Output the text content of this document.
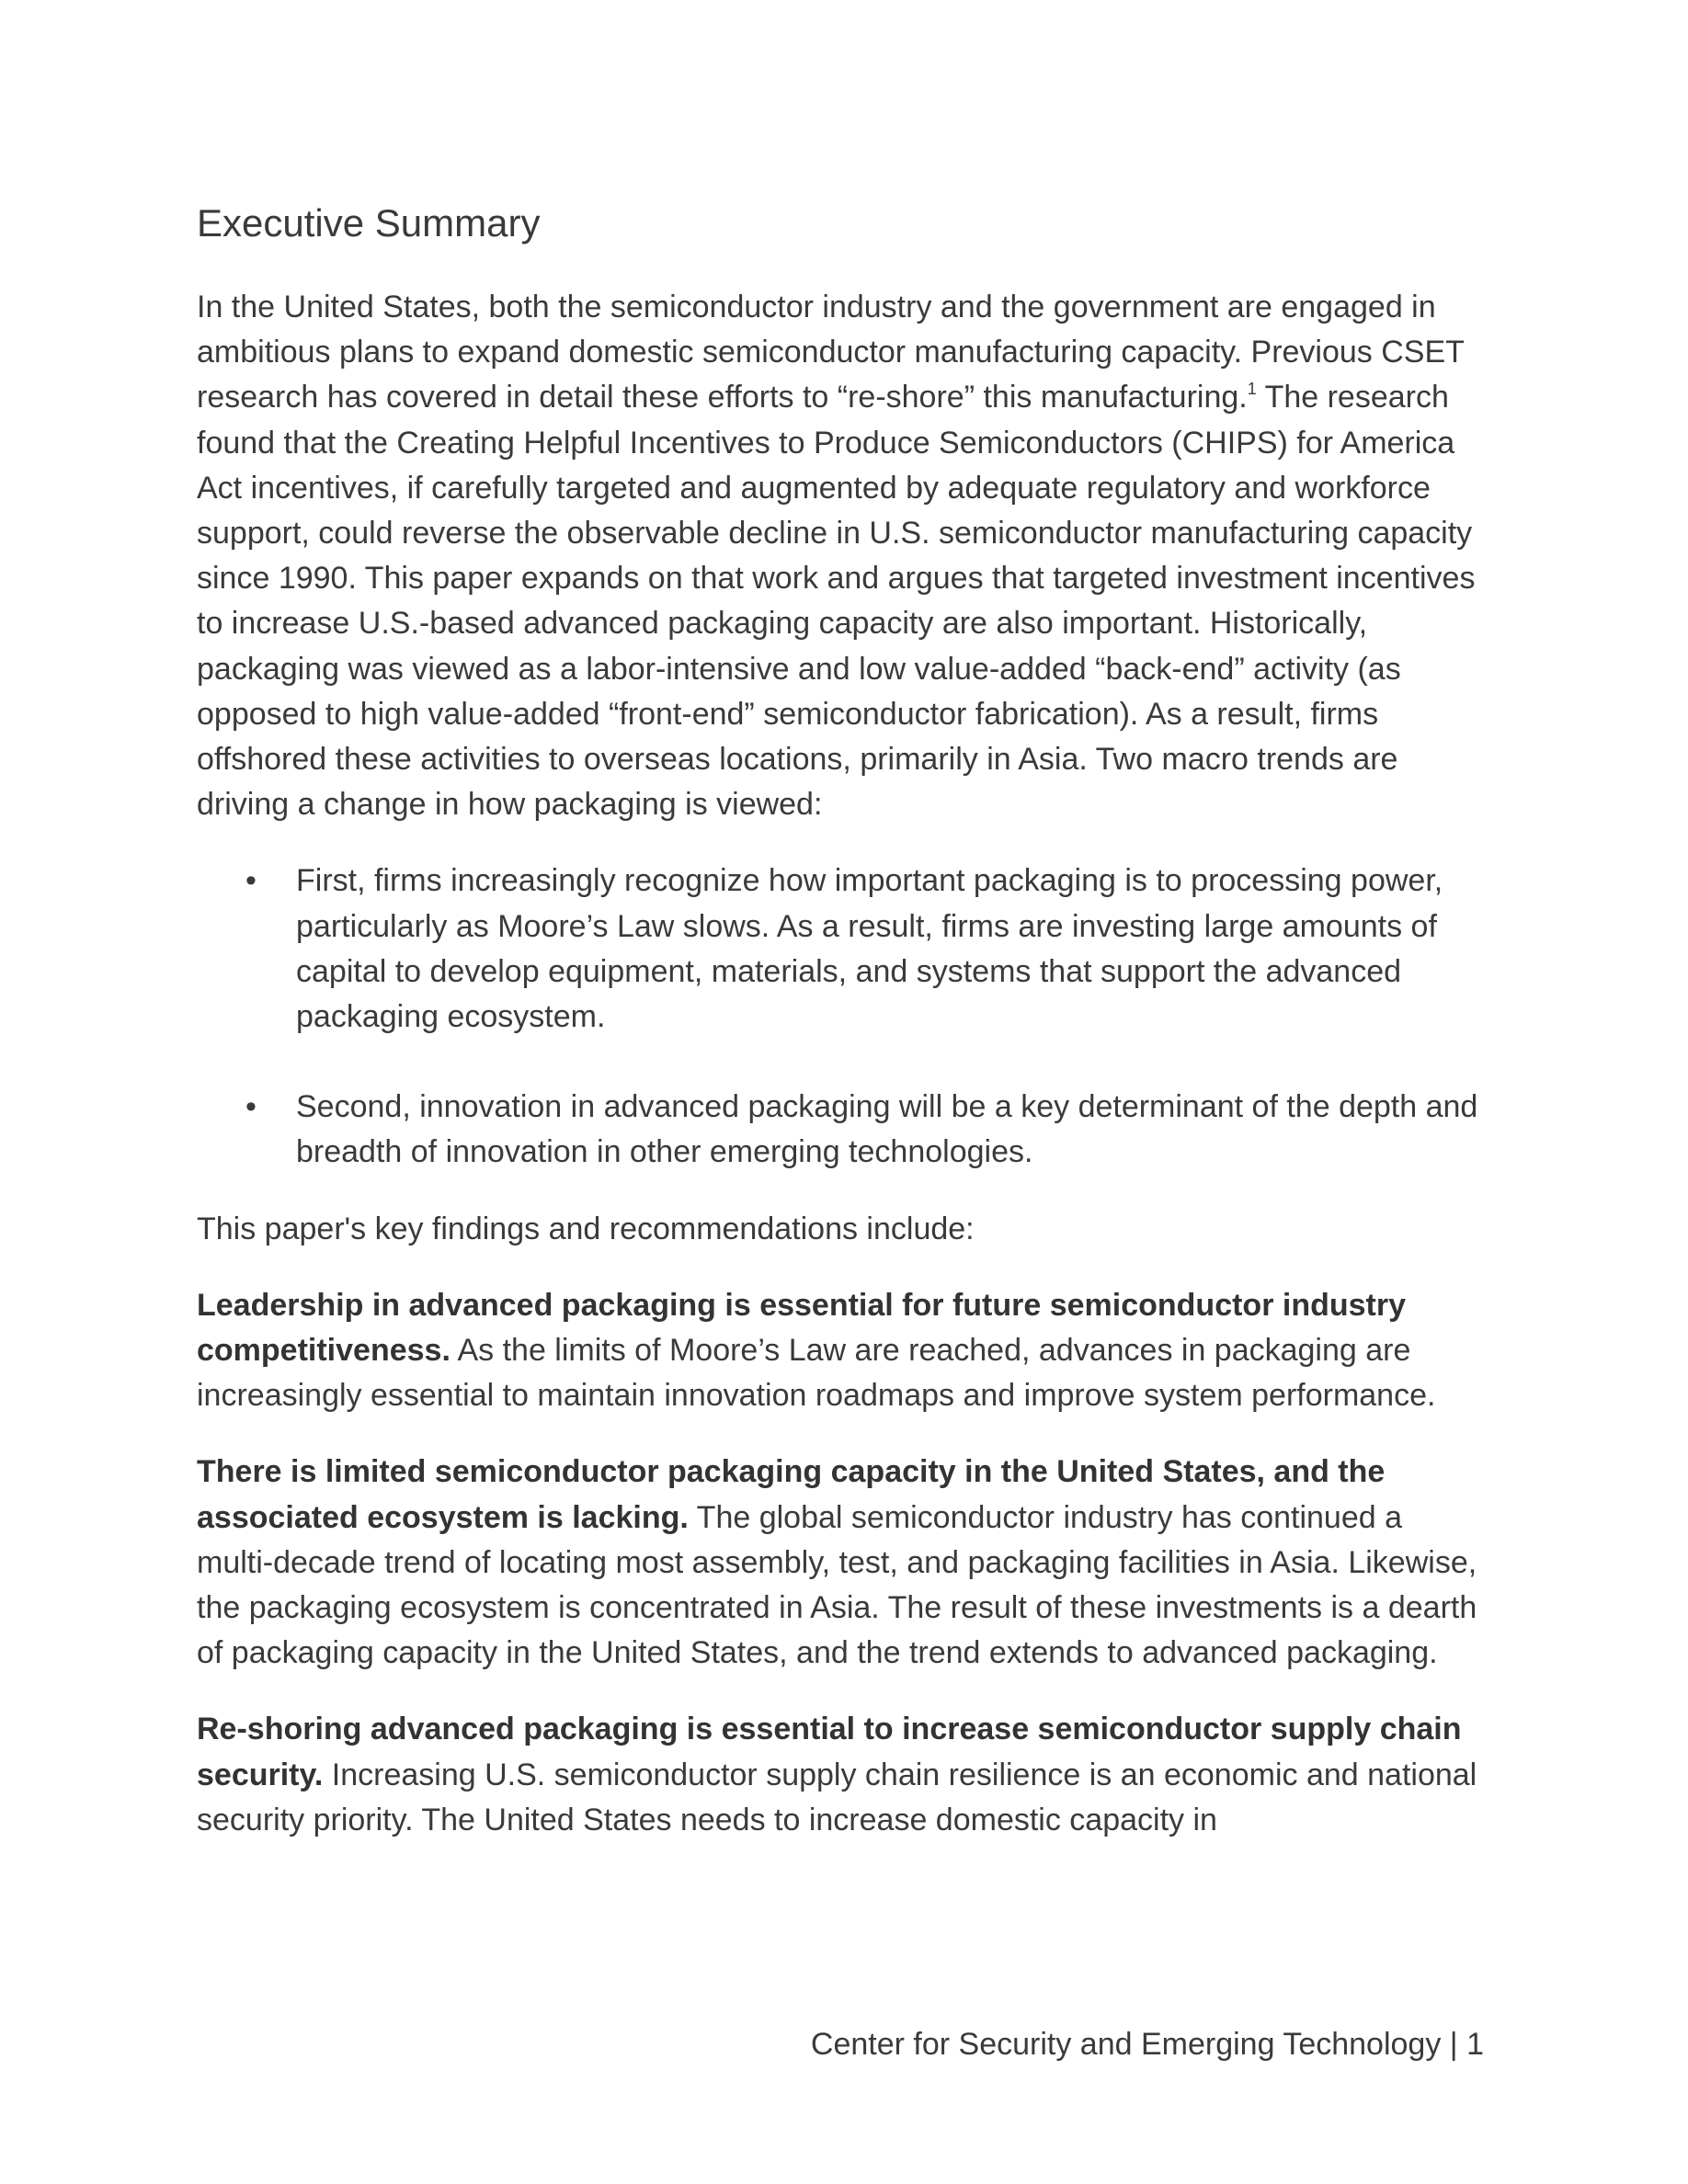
Executive Summary

In the United States, both the semiconductor industry and the government are engaged in ambitious plans to expand domestic semiconductor manufacturing capacity. Previous CSET research has covered in detail these efforts to “re-shore” this manufacturing.$^1$ The research found that the Creating Helpful Incentives to Produce Semiconductors (CHIPS) for America Act incentives, if carefully targeted and augmented by adequate regulatory and workforce support, could reverse the observable decline in U.S. semiconductor manufacturing capacity since 1990. This paper expands on that work and argues that targeted investment incentives to increase U.S.-based advanced packaging capacity are also important. Historically, packaging was viewed as a labor-intensive and low value-added “back-end” activity (as opposed to high value-added “front-end” semiconductor fabrication). As a result, firms offshored these activities to overseas locations, primarily in Asia. Two macro trends are driving a change in how packaging is viewed:

• First, firms increasingly recognize how important packaging is to processing power, particularly as Moore’s Law slows. As a result, firms are investing large amounts of capital to develop equipment, materials, and systems that support the advanced packaging ecosystem.
• Second, innovation in advanced packaging will be a key determinant of the depth and breadth of innovation in other emerging technologies.

This paper's key findings and recommendations include:

Leadership in advanced packaging is essential for future semiconductor industry competitiveness. As the limits of Moore’s Law are reached, advances in packaging are increasingly essential to maintain innovation roadmaps and improve system performance.

There is limited semiconductor packaging capacity in the United States, and the associated ecosystem is lacking. The global semiconductor industry has continued a multi-decade trend of locating most assembly, test, and packaging facilities in Asia. Likewise, the packaging ecosystem is concentrated in Asia. The result of these investments is a dearth of packaging capacity in the United States, and the trend extends to advanced packaging.

Re-shoring advanced packaging is essential to increase semiconductor supply chain security. Increasing U.S. semiconductor supply chain resilience is an economic and national security priority. The United States needs to increase domestic capacity in

Center for Security and Emerging Technology | 1
